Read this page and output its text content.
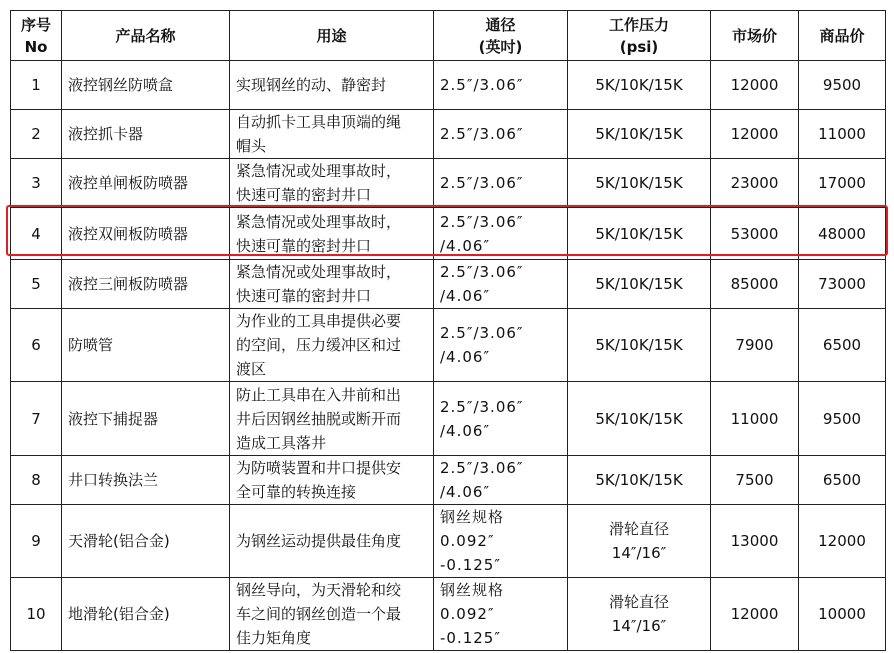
序号
No	产品名称	用途	通径
(英吋)	工作压力
(psi)	市场价	商品价
1	液控钢丝防喷盒	实现钢丝的动、静密封	2.5″/3.06″	5K/10K/15K	12000	9500
2	液控抓卡器	自动抓卡工具串顶端的绳
帽头	2.5″/3.06″	5K/10K/15K	12000	11000
3	液控单闸板防喷器	紧急情况或处理事故时，
快速可靠的密封井口	2.5″/3.06″	5K/10K/15K	23000	17000
4	液控双闸板防喷器	紧急情况或处理事故时，
快速可靠的密封井口	2.5″/3.06″
/4.06″	5K/10K/15K	53000	48000
5	液控三闸板防喷器	紧急情况或处理事故时，
快速可靠的密封井口	2.5″/3.06″
/4.06″	5K/10K/15K	85000	73000
6	防喷管	为作业的工具串提供必要
的空间，压力缓冲区和过
渡区	2.5″/3.06″
/4.06″	5K/10K/15K	7900	6500
7	液控下捕捉器	防止工具串在入井前和出
井后因钢丝抽脱或断开而
造成工具落井	2.5″/3.06″
/4.06″	5K/10K/15K	11000	9500
8	井口转换法兰	为防喷装置和井口提供安
全可靠的转换连接	2.5″/3.06″
/4.06″	5K/10K/15K	7500	6500
9	天滑轮(铝合金)	为钢丝运动提供最佳角度	钢丝规格
0.092″
-0.125″	滑轮直径
14″/16″	13000	12000
10	地滑轮(铝合金)	钢丝导向，为天滑轮和绞
车之间的钢丝创造一个最
佳力矩角度	钢丝规格
0.092″
-0.125″	滑轮直径
14″/16″	12000	10000
